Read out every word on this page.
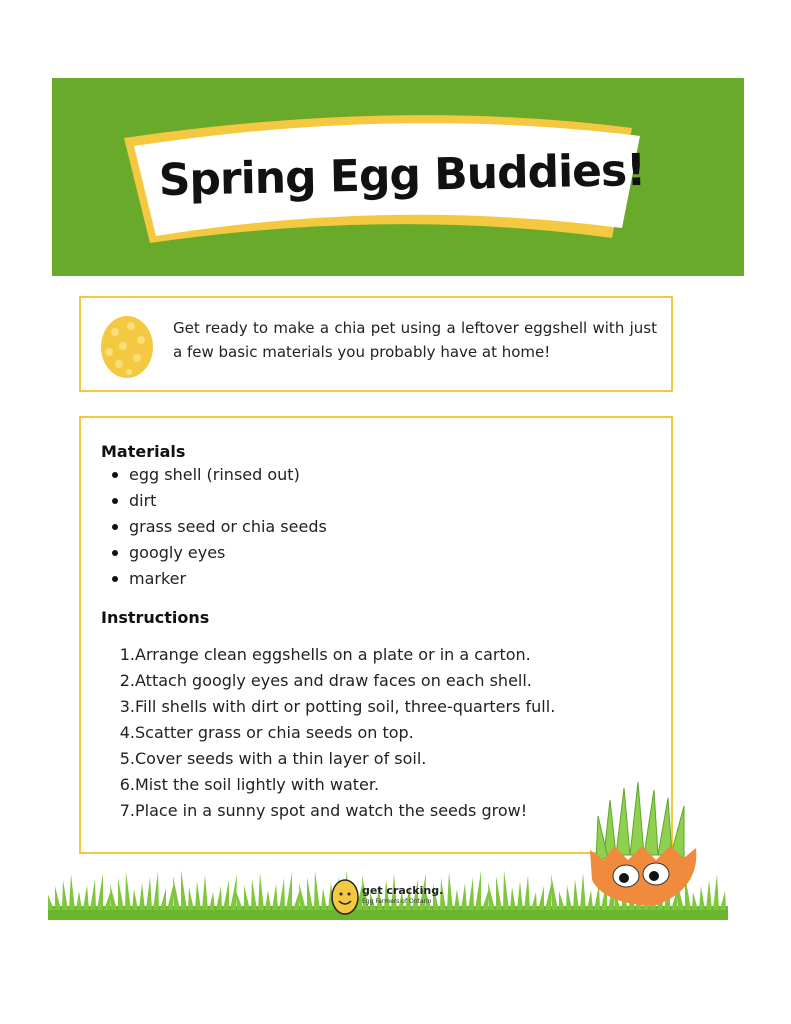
Spring Egg Buddies!

Get ready to make a chia pet using a leftover eggshell with just a few basic materials you probably have at home!

Materials
egg shell (rinsed out)
dirt
grass seed or chia seeds
googly eyes
marker
Instructions
1.Arrange clean eggshells on a plate or in a carton.
2.Attach googly eyes and draw faces on each shell.
3.Fill shells with dirt or potting soil, three-quarters full.
4.Scatter grass or chia seeds on top.
5.Cover seeds with a thin layer of soil.
6.Mist the soil lightly with water.
7.Place in a sunny spot and watch the seeds grow!
get cracking.
Egg Farmers of Ontario
